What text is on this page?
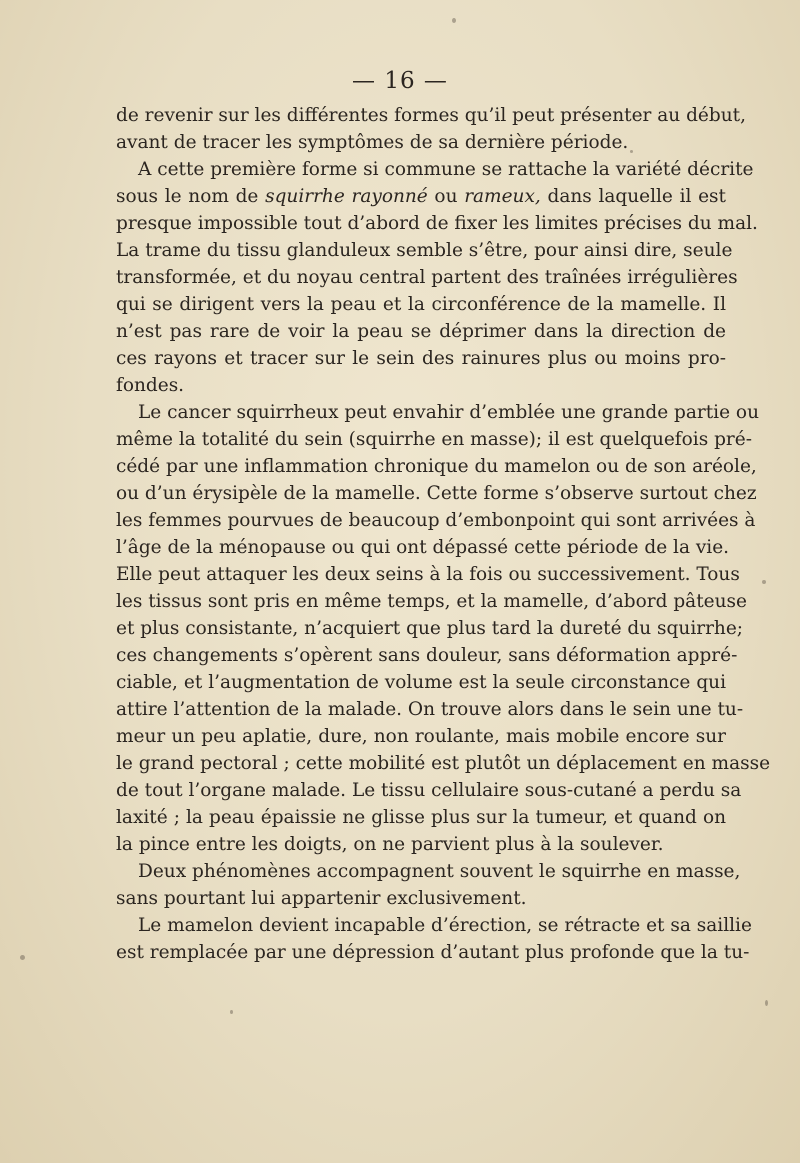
— 16 —
de revenir sur les différentes formes qu’il peut présenter au début,
avant de tracer les symptômes de sa dernière période.
A cette première forme si commune se rattache la variété décrite
sous le nom de squirrhe rayonné ou rameux, dans laquelle il est
presque impossible tout d’abord de fixer les limites précises du mal.
La trame du tissu glanduleux semble s’être, pour ainsi dire, seule
transformée, et du noyau central partent des traînées irrégulières
qui se dirigent vers la peau et la circonférence de la mamelle. Il
n’est pas rare de voir la peau se déprimer dans la direction de
ces rayons et tracer sur le sein des rainures plus ou moins pro-
fondes.
Le cancer squirrheux peut envahir d’emblée une grande partie ou
même la totalité du sein (squirrhe en masse); il est quelquefois pré-
cédé par une inflammation chronique du mamelon ou de son aréole,
ou d’un érysipèle de la mamelle. Cette forme s’observe surtout chez
les femmes pourvues de beaucoup d’embonpoint qui sont arrivées à
l’âge de la ménopause ou qui ont dépassé cette période de la vie.
Elle peut attaquer les deux seins à la fois ou successivement. Tous
les tissus sont pris en même temps, et la mamelle, d’abord pâteuse
et plus consistante, n’acquiert que plus tard la dureté du squirrhe;
ces changements s’opèrent sans douleur, sans déformation appré-
ciable, et l’augmentation de volume est la seule circonstance qui
attire l’attention de la malade. On trouve alors dans le sein une tu-
meur un peu aplatie, dure, non roulante, mais mobile encore sur
le grand pectoral ; cette mobilité est plutôt un déplacement en masse
de tout l’organe malade. Le tissu cellulaire sous-cutané a perdu sa
laxité ; la peau épaissie ne glisse plus sur la tumeur, et quand on
la pince entre les doigts, on ne parvient plus à la soulever.
Deux phénomènes accompagnent souvent le squirrhe en masse,
sans pourtant lui appartenir exclusivement.
Le mamelon devient incapable d’érection, se rétracte et sa saillie
est remplacée par une dépression d’autant plus profonde que la tu-
